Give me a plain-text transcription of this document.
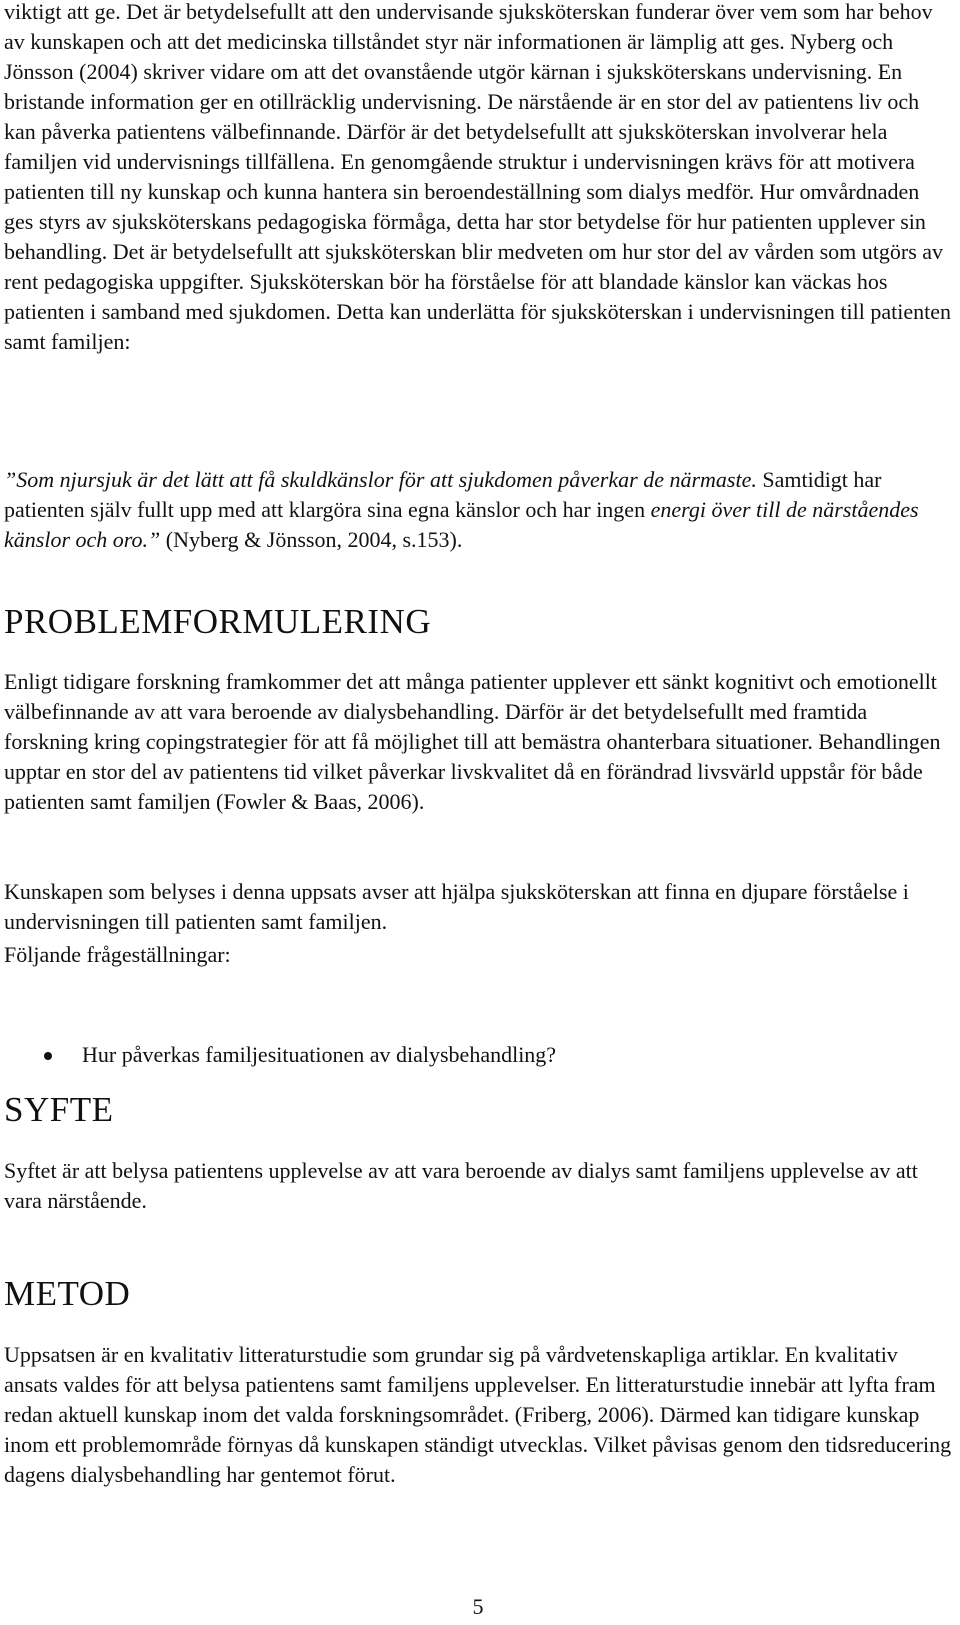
viktigt att ge. Det är betydelsefullt att den undervisande sjuksköterskan funderar över vem som har behov av kunskapen och att det medicinska tillståndet styr när informationen är lämplig att ges. Nyberg och Jönsson (2004) skriver vidare om att det ovanstående utgör kärnan i sjuksköterskans undervisning. En bristande information ger en otillräcklig undervisning. De närstående är en stor del av patientens liv och kan påverka patientens välbefinnande. Därför är det betydelsefullt att sjuksköterskan involverar hela familjen vid undervisnings tillfällena. En genomgående struktur i undervisningen krävs för att motivera patienten till ny kunskap och kunna hantera sin beroendeställning som dialys medför. Hur omvårdnaden ges styrs av sjuksköterskans pedagogiska förmåga, detta har stor betydelse för hur patienten upplever sin behandling. Det är betydelsefullt att sjuksköterskan blir medveten om hur stor del av vården som utgörs av rent pedagogiska uppgifter. Sjuksköterskan bör ha förståelse för att blandade känslor kan väckas hos patienten i samband med sjukdomen. Detta kan underlätta för sjuksköterskan i undervisningen till patienten samt familjen:

”Som njursjuk är det lätt att få skuldkänslor för att sjukdomen påverkar de närmaste. Samtidigt har patienten själv fullt upp med att klargöra sina egna känslor och har ingen energi över till de närståendes känslor och oro.” (Nyberg & Jönsson, 2004, s.153).

PROBLEMFORMULERING

Enligt tidigare forskning framkommer det att många patienter upplever ett sänkt kognitivt och emotionellt välbefinnande av att vara beroende av dialysbehandling. Därför är det betydelsefullt med framtida forskning kring copingstrategier för att få möjlighet till att bemästra ohanterbara situationer. Behandlingen upptar en stor del av patientens tid vilket påverkar livskvalitet då en förändrad livsvärld uppstår för både patienten samt familjen (Fowler & Baas, 2006).

Kunskapen som belyses i denna uppsats avser att hjälpa sjuksköterskan att finna en djupare förståelse i undervisningen till patienten samt familjen.

Följande frågeställningar:

Hur påverkas familjesituationen av dialysbehandling?
SYFTE

Syftet är att belysa patientens upplevelse av att vara beroende av dialys samt familjens upplevelse av att vara närstående.

METOD

Uppsatsen är en kvalitativ litteraturstudie som grundar sig på vårdvetenskapliga artiklar. En kvalitativ ansats valdes för att belysa patientens samt familjens upplevelser. En litteraturstudie innebär att lyfta fram redan aktuell kunskap inom det valda forskningsområdet. (Friberg, 2006). Därmed kan tidigare kunskap inom ett problemområde förnyas då kunskapen ständigt utvecklas. Vilket påvisas genom den tidsreducering dagens dialysbehandling har gentemot förut.

5
